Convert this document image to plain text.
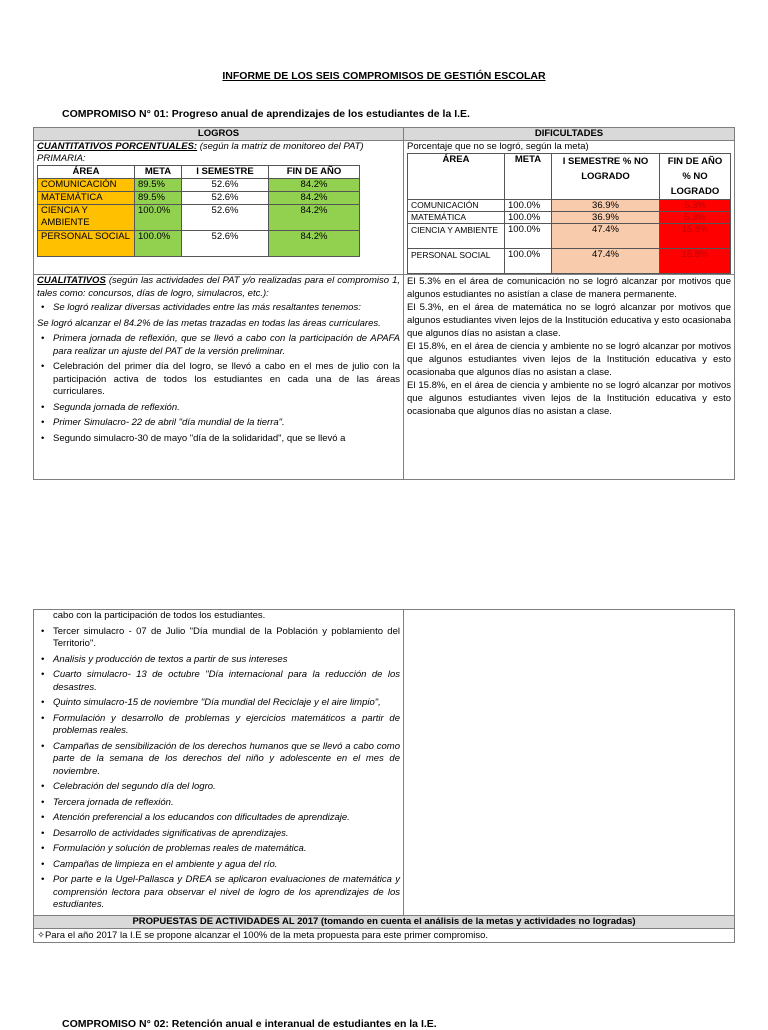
INFORME DE LOS SEIS COMPROMISOS DE GESTIÓN ESCOLAR
COMPROMISO N° 01: Progreso anual de aprendizajes de los estudiantes de la I.E.
LOGROS	DIFICULTADES

CUANTITATIVOS PORCENTUALES: (según la matriz de monitoreo del PAT)
PRIMARIA:
ÁREA	META	I SEMESTRE	FIN DE AÑO
COMUNICACIÓN	89.5%	52.6%	84.2%
MATEMÁTICA	89.5%	52.6%	84.2%
CIENCIA Y AMBIENTE	100.0%	52.6%	84.2%
PERSONAL SOCIAL	100.0%	52.6%	84.2%

Porcentaje que no se logró, según la meta)
ÁREA	META	I SEMESTRE % NO LOGRADO	FIN DE AÑO % NO LOGRADO
COMUNICACIÓN	100.0%	36.9%	5.3%
MATEMÁTICA	100.0%	36.9%	5.3%
CIENCIA Y AMBIENTE	100.0%	47.4%	15.8%
PERSONAL SOCIAL	100.0%	47.4%	15.8%

CUALITATIVOS (según las actividades del PAT y/o realizadas para el compromiso 1, tales como: concursos, días de logro, simulacros, etc.):
• Se logró realizar diversas actividades entre las más resaltantes tenemos:

Se logró alcanzar el 84.2% de las metas trazadas en todas las áreas curriculares.

• Primera jornada de reflexión, que se llevó a cabo con la participación de APAFA para realizar un ajuste del PAT de la versión preliminar.
• Celebración del primer día del logro, se llevó a cabo en el mes de julio con la participación activa de todos los estudiantes en cada una de las áreas curriculares.
• Segunda jornada de reflexión.
• Primer Simulacro- 22 de abril "día mundial de la tierra".
• Segundo simulacro-30 de mayo "día de la solidaridad", que se llevó a

El 5.3% en el área de comunicación no se logró alcanzar por motivos que algunos estudiantes no asistían a clase de manera permanente.

El 5.3%, en el área de matemática no se logró alcanzar por motivos que algunos estudiantes viven lejos de la Institución educativa y esto ocasionaba que algunos días no asistan a clase.

El 15.8%, en el área de ciencia y ambiente no se logró alcanzar por motivos que algunos estudiantes viven lejos de la Institución educativa y esto ocasionaba que algunos días no asistan a clase.

El 15.8%, en el área de ciencia y ambiente no se logró alcanzar por motivos que algunos estudiantes viven lejos de la Institución educativa y esto ocasionaba que algunos días no asistan a clase.

cabo con la participación de todos los estudiantes.
• Tercer simulacro - 07 de Julio "Día mundial de la Población y poblamiento del Territorio".
• Analisis y producción de textos a partir de sus intereses
• Cuarto simulacro- 13 de octubre "Día internacional para la reducción de los desastres.
• Quinto simulacro-15 de noviembre "Día mundial del Reciclaje y el aire limpio",
• Formulación y desarrollo de problemas y ejercicios matemáticos a partir de problemas reales.
• Campañas de sensibilización de los derechos humanos que se llevó a cabo como parte de la semana de los derechos del niño y adolescente en el mes de noviembre.
• Celebración del segundo día del logro.
• Tercera jornada de reflexión.
• Atención preferencial a los educandos con dificultades de aprendizaje.
• Desarrollo de actividades significativas de aprendizajes.
• Formulación y solución de problemas reales de matemática.
• Campañas de limpieza en el ambiente y agua del río.
• Por parte e la Ugel-Pallasca y DREA se aplicaron evaluaciones de matemática y comprensión lectora para observar el nivel de logro de los aprendizajes de los estudiantes.

PROPUESTAS DE ACTIVIDADES AL 2017 (tomando en cuenta el análisis de la metas y actividades no logradas)
✧Para el año 2017 la I.E se propone alcanzar el 100% de la meta propuesta para este primer compromiso.
COMPROMISO N° 02: Retención anual e interanual de estudiantes en la I.E.
